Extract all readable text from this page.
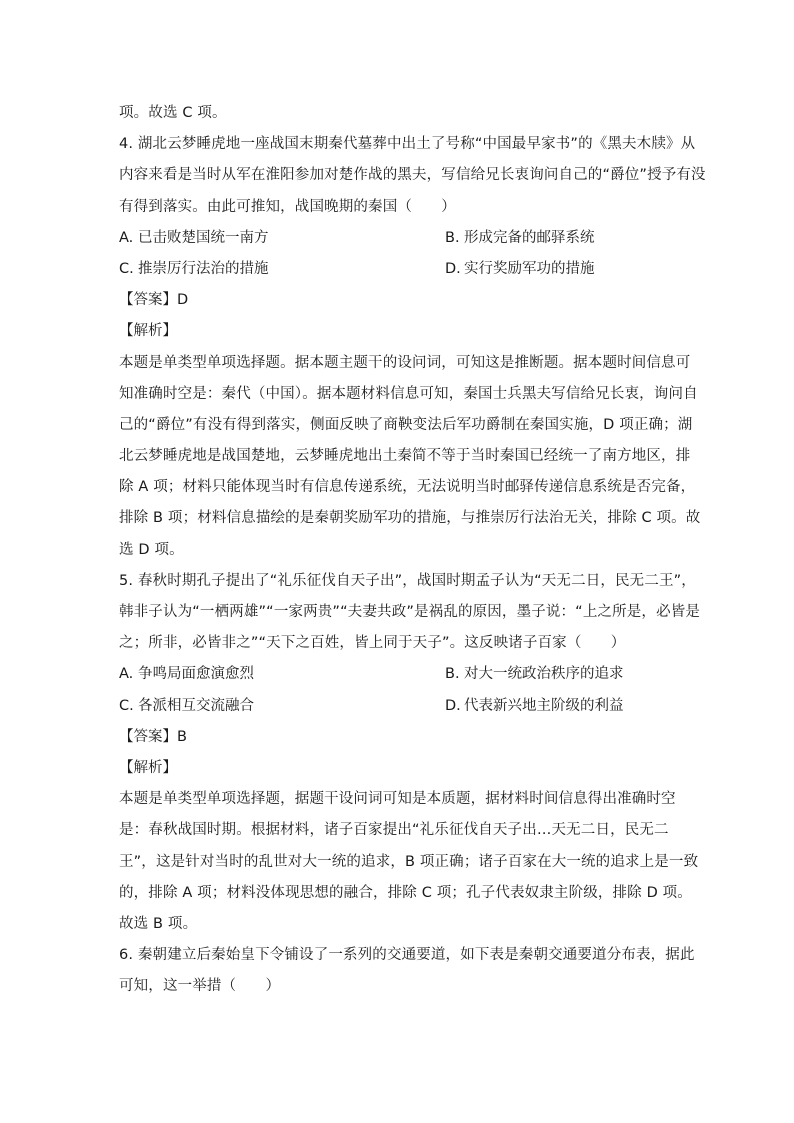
项。故选 C 项。
4. 湖北云梦睡虎地一座战国末期秦代墓葬中出土了号称“中国最早家书”的《黑夫木牍》从
内容来看是当时从军在淮阳参加对楚作战的黑夫，写信给兄长衷询问自己的“爵位”授予有没
有得到落实。由此可推知，战国晚期的秦国（　　）
A. 已击败楚国统一南方	B. 形成完备的邮驿系统
C. 推崇厉行法治的措施	D. 实行奖励军功的措施
【答案】D
【解析】
本题是单类型单项选择题。据本题主题干的设问词，可知这是推断题。据本题时间信息可
知准确时空是：秦代（中国）。据本题材料信息可知，秦国士兵黑夫写信给兄长衷，询问自
己的“爵位”有没有得到落实，侧面反映了商鞅变法后军功爵制在秦国实施，D 项正确；湖
北云梦睡虎地是战国楚地，云梦睡虎地出土秦简不等于当时秦国已经统一了南方地区，排
除 A 项；材料只能体现当时有信息传递系统，无法说明当时邮驿传递信息系统是否完备，
排除 B 项；材料信息描绘的是秦朝奖励军功的措施，与推崇厉行法治无关，排除 C 项。故
选 D 项。
5. 春秋时期孔子提出了“礼乐征伐自天子出”，战国时期孟子认为“天无二日，民无二王”，
韩非子认为“一栖两雄”“一家两贵”“夫妻共政”是祸乱的原因，墨子说：“上之所是，必皆是
之；所非，必皆非之”“天下之百姓，皆上同于天子”。这反映诸子百家（　　）
A. 争鸣局面愈演愈烈	B. 对大一统政治秩序的追求
C. 各派相互交流融合	D. 代表新兴地主阶级的利益
【答案】B
【解析】
本题是单类型单项选择题，据题干设问词可知是本质题，据材料时间信息得出准确时空
是：春秋战国时期。根据材料，诸子百家提出“礼乐征伐自天子出…天无二日，民无二
王”，这是针对当时的乱世对大一统的追求，B 项正确；诸子百家在大一统的追求上是一致
的，排除 A 项；材料没体现思想的融合，排除 C 项；孔子代表奴隶主阶级，排除 D 项。
故选 B 项。
6. 秦朝建立后秦始皇下令铺设了一系列的交通要道，如下表是秦朝交通要道分布表，据此
可知，这一举措（　　）
